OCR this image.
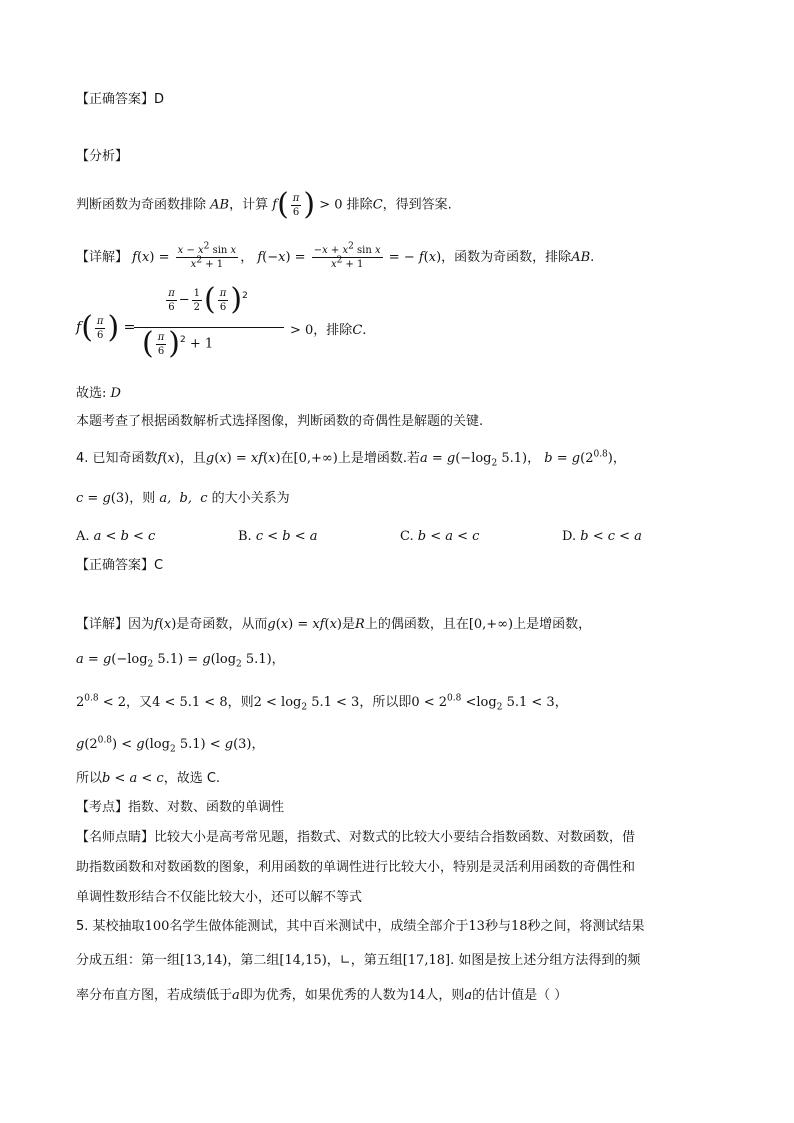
【正确答案】D
【分析】
判断函数为奇函数排除 AB，计算 $f( \frac{\pi}{6}$ ) > 0 排除C，得到答案.
【详解】 $f(x) = \frac{x - x^2 \sin x}{x^2 + 1}$ ， $f(-x) = \frac{-x + x^2 \sin x}{x^2 + 1}$ = − f(x)，函数为奇函数，排除AB.
$f( \frac{\pi}{6}$ ) =
$\frac{\pi}{6} - \frac{1}{2}$ ( $\frac{\pi}{6} )^2$
( $\frac{\pi}{6} )^2 + 1$
> 0，排除C.
故选: D
本题考查了根据函数解析式选择图像，判断函数的奇偶性是解题的关键.
4. 已知奇函数f(x)，且g(x) = xf(x)在[0,+∞)上是增函数.若$a = g(-\log_2$ 5.1)， $b = g(2^{0.8})$，
c = g(3)，则 a,  b,  c 的大小关系为
A. a < b < c	B. c < b < a	C. b < a < c	D. b < c < a
【正确答案】C
【详解】因为f(x)是奇函数，从而g(x) = xf(x)是R上的偶函数，且在[0,+∞)上是增函数，
$a = g(-\log_2$ $5.1) = g(\log_2$ 5.1)，
$2^{0.8} < 2$，又4 < 5.1 < 8，则$2 < \log_2 5.1 < 3$，所以即$0 < 2^{0.8} <\log_2$ 5.1 < 3，
$g(2^{0.8}) < g(\log_2$ 5.1) < g(3)，
所以b < a < c，故选 C.
【考点】指数、对数、函数的单调性
【名师点睛】比较大小是高考常见题，指数式、对数式的比较大小要结合指数函数、对数函数，借
助指数函数和对数函数的图象，利用函数的单调性进行比较大小，特别是灵活利用函数的奇偶性和
单调性数形结合不仅能比较大小，还可以解不等式
5. 某校抽取100名学生做体能测试，其中百米测试中，成绩全部介于13秒与18秒之间，将测试结果
分成五组：第一组[13,14)，第二组[14,15)，∟，第五组[17,18]. 如图是按上述分组方法得到的频
率分布直方图，若成绩低于a即为优秀，如果优秀的人数为14人，则a的估计值是（ ）
